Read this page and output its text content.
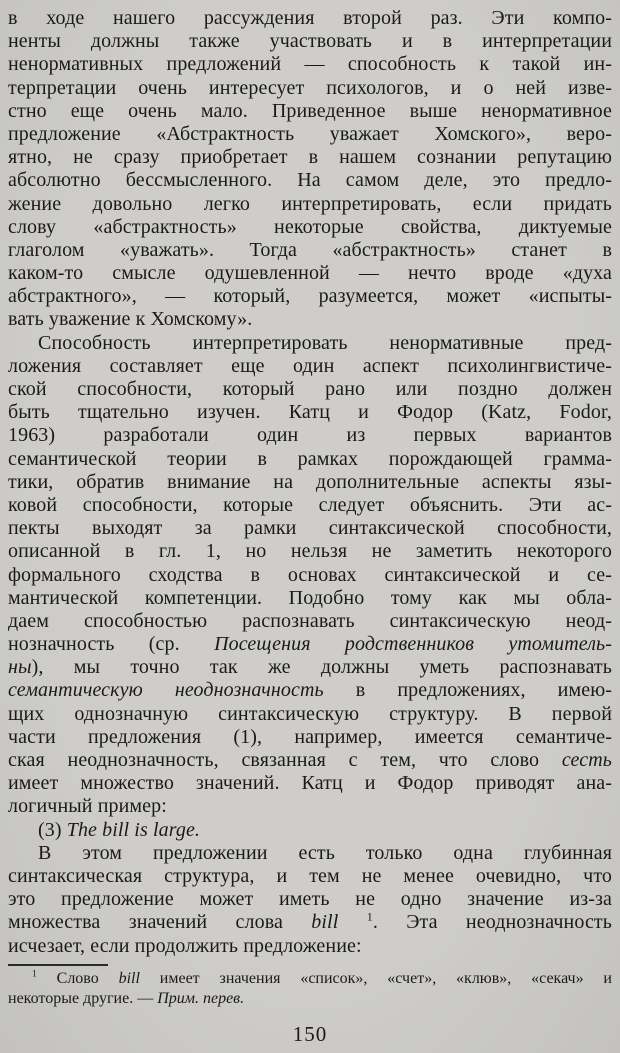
в ходе нашего рассуждения второй раз. Эти компо-
ненты должны также участвовать и в интерпретации
ненормативных предложений — способность к такой ин-
терпретации очень интересует психологов, и о ней изве-
стно еще очень мало. Приведенное выше ненормативное
предложение «Абстрактность уважает Хомского», веро-
ятно, не сразу приобретает в нашем сознании репутацию
абсолютно бессмысленного. На самом деле, это предло-
жение довольно легко интерпретировать, если придать
слову «абстрактность» некоторые свойства, диктуемые
глаголом «уважать». Тогда «абстрактность» станет в
каком-то смысле одушевленной — нечто вроде «духа
абстрактного», — который, разумеется, может «испыты-
вать уважение к Хомскому».
Способность интерпретировать ненормативные пред-
ложения составляет еще один аспект психолингвистиче-
ской способности, который рано или поздно должен
быть тщательно изучен. Катц и Фодор (Katz, Fodor,
1963) разработали один из первых вариантов
семантической теории в рамках порождающей грамма-
тики, обратив внимание на дополнительные аспекты язы-
ковой способности, которые следует объяснить. Эти ас-
пекты выходят за рамки синтаксической способности,
описанной в гл. 1, но нельзя не заметить некоторого
формального сходства в основах синтаксической и се-
мантической компетенции. Подобно тому как мы обла-
даем способностью распознавать синтаксическую неод-
нозначность (ср. Посещения родственников утомитель-
ны), мы точно так же должны уметь распознавать
семантическую неоднозначность в предложениях, имею-
щих однозначную синтаксическую структуру. В первой
части предложения (1), например, имеется семантиче-
ская неоднозначность, связанная с тем, что слово сесть
имеет множество значений. Катц и Фодор приводят ана-
логичный пример:
(3) The bill is large.
В этом предложении есть только одна глубинная
синтаксическая структура, и тем не менее очевидно, что
это предложение может иметь не одно значение из-за
множества значений слова bill $^1$. Эта неоднозначность
исчезает, если продолжить предложение:
$^1$ Слово bill имеет значения «список», «счет», «клюв», «секач» и
некоторые другие. — Прим. перев.
150
